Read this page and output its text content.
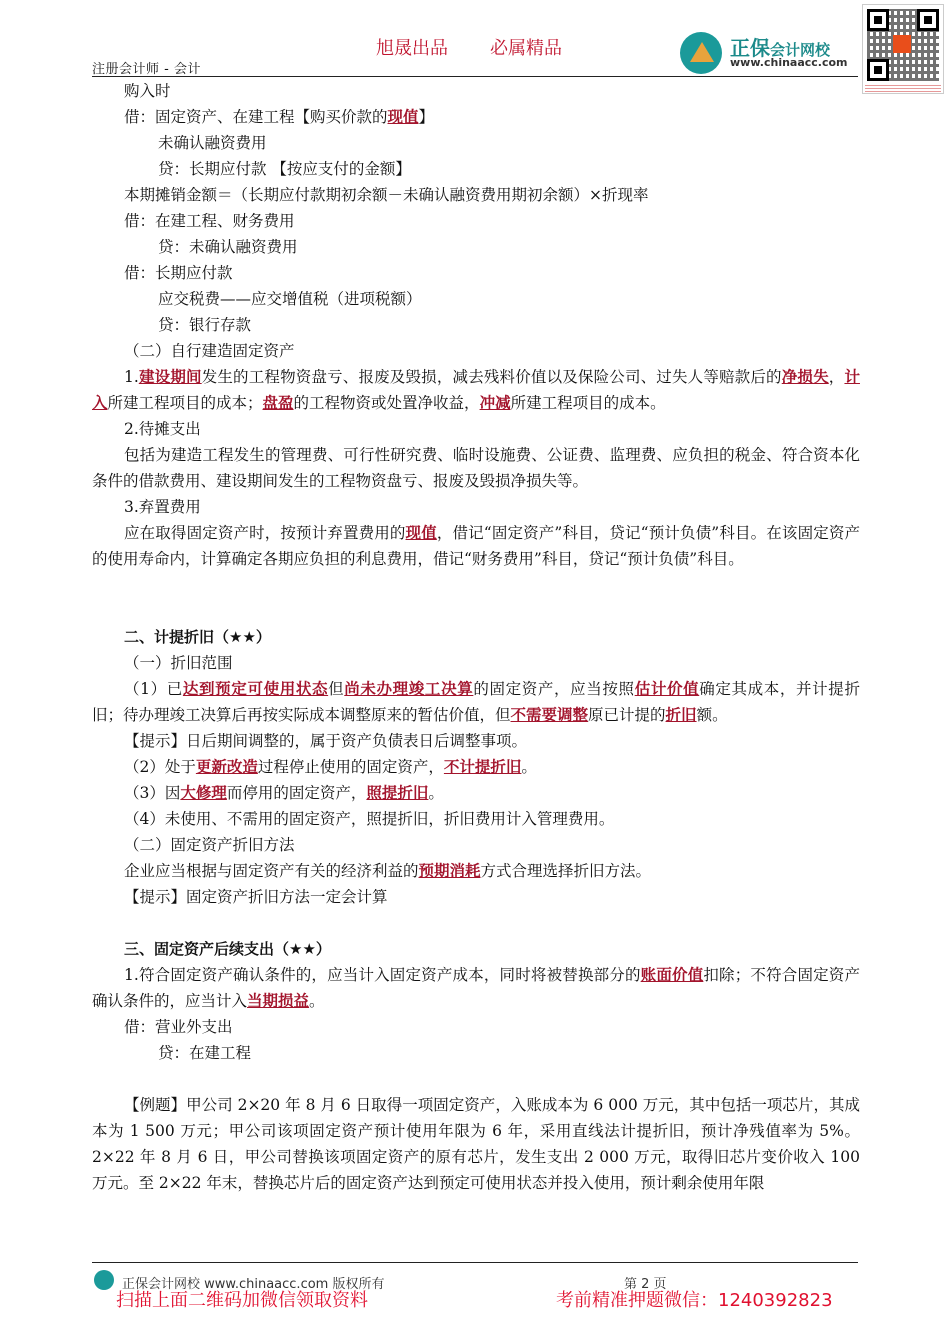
旭晟出品 必属精品
注册会计师 - 会计
正保会计网校
www.chinaacc.com

购入时

借：固定资产、在建工程【购买价款的现值】

未确认融资费用

贷：长期应付款 【按应支付的金额】

本期摊销金额＝（长期应付款期初余额－未确认融资费用期初余额）×折现率

借：在建工程、财务费用

贷：未确认融资费用

借：长期应付款

应交税费——应交增值税（进项税额）

贷：银行存款

（二）自行建造固定资产

1.建设期间发生的工程物资盘亏、报废及毁损，减去残料价值以及保险公司、过失人等赔款后的净损失，计入所建工程项目的成本；盘盈的工程物资或处置净收益，冲减所建工程项目的成本。

2.待摊支出

包括为建造工程发生的管理费、可行性研究费、临时设施费、公证费、监理费、应负担的税金、符合资本化条件的借款费用、建设期间发生的工程物资盘亏、报废及毁损净损失等。

3.弃置费用

应在取得固定资产时，按预计弃置费用的现值，借记“固定资产”科目，贷记“预计负债”科目。在该固定资产的使用寿命内，计算确定各期应负担的利息费用，借记“财务费用”科目，贷记“预计负债”科目。

二、计提折旧（★★）

（一）折旧范围

（1）已达到预定可使用状态但尚未办理竣工决算的固定资产，应当按照估计价值确定其成本，并计提折旧；待办理竣工决算后再按实际成本调整原来的暂估价值，但不需要调整原已计提的折旧额。

【提示】日后期间调整的，属于资产负债表日后调整事项。

（2）处于更新改造过程停止使用的固定资产，不计提折旧。

（3）因大修理而停用的固定资产，照提折旧。

（4）未使用、不需用的固定资产，照提折旧，折旧费用计入管理费用。

（二）固定资产折旧方法

企业应当根据与固定资产有关的经济利益的预期消耗方式合理选择折旧方法。

【提示】固定资产折旧方法一定会计算

三、固定资产后续支出（★★）

1.符合固定资产确认条件的，应当计入固定资产成本，同时将被替换部分的账面价值扣除；不符合固定资产确认条件的，应当计入当期损益。

借：营业外支出

贷：在建工程

【例题】甲公司 2×20 年 8 月 6 日取得一项固定资产，入账成本为 6 000 万元，其中包括一项芯片，其成本为 1 500 万元；甲公司该项固定资产预计使用年限为 6 年，采用直线法计提折旧，预计净残值率为 5%。2×22 年 8 月 6 日，甲公司替换该项固定资产的原有芯片，发生支出 2 000 万元，取得旧芯片变价收入 100 万元。至 2×22 年末，替换芯片后的固定资产达到预定可使用状态并投入使用，预计剩余使用年限

正保会计网校 www.chinaacc.com 版权所有	第 2 页
扫描上面二维码加微信领取资料	考前精准押题微信：1240392823
